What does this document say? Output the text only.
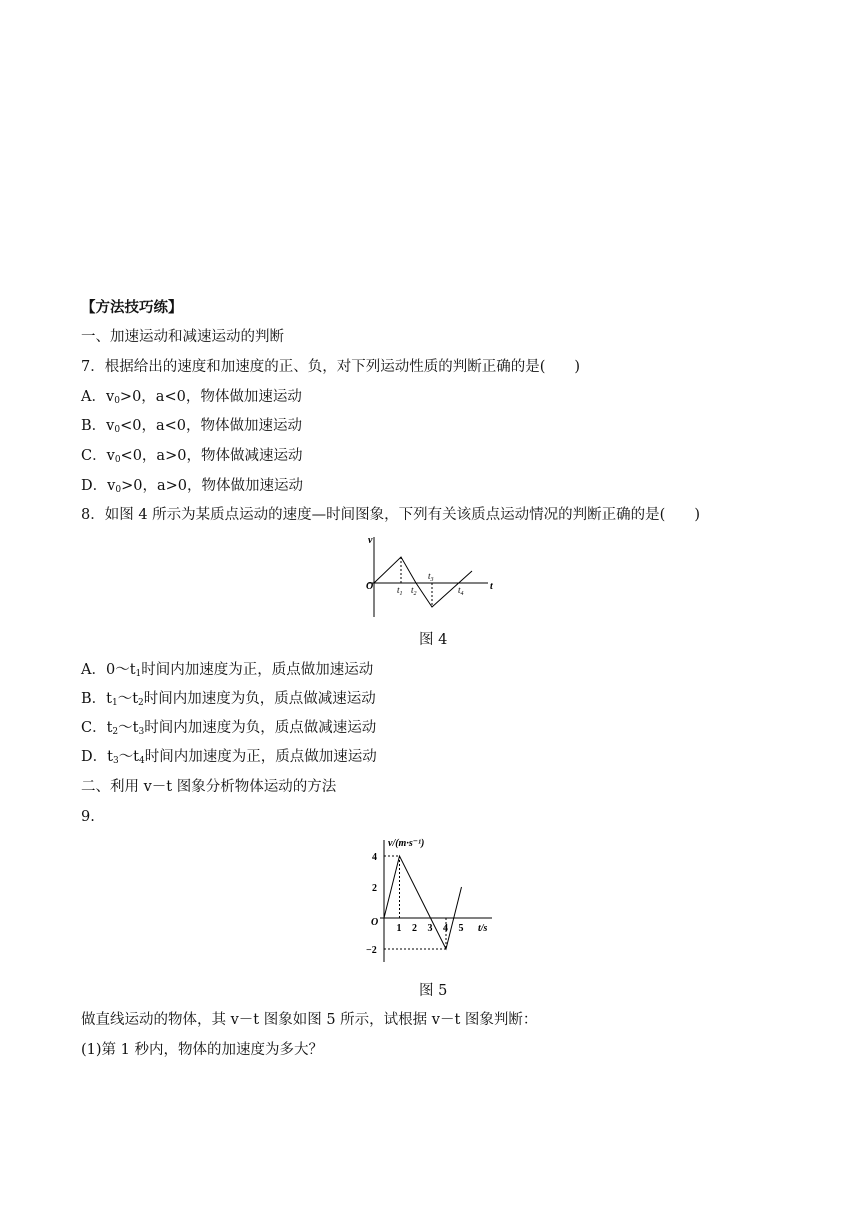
【方法技巧练】
一、加速运动和减速运动的判断
7．根据给出的速度和加速度的正、负，对下列运动性质的判断正确的是(　　)
A．$v_0>0$，a<0，物体做加速运动
B．$v_0<0$，a<0，物体做加速运动
C．$v_0<0$，a>0，物体做减速运动
D．$v_0>0$，a>0，物体做加速运动
8．如图 4 所示为某质点运动的速度—时间图象，下列有关该质点运动情况的判断正确的是(　　)
v
O	t
$t_1$ $t_2$
$t_3$
$t_4$
图 4
A．$0\sim t_1$时间内加速度为正，质点做加速运动
B．$t_1\sim t_2$时间内加速度为负，质点做减速运动
C．$t_2\sim t_3$时间内加速度为负，质点做减速运动
D．$t_3\sim t_4$时间内加速度为正，质点做加速运动
二、利用 v－t 图象分析物体运动的方法
9.
v/(m·s⁻¹)
t/s
O
4
2
−2
1 2 3 4 5
图 5
做直线运动的物体，其 v－t 图象如图 5 所示，试根据 v－t 图象判断：
(1)第 1 秒内，物体的加速度为多大？
